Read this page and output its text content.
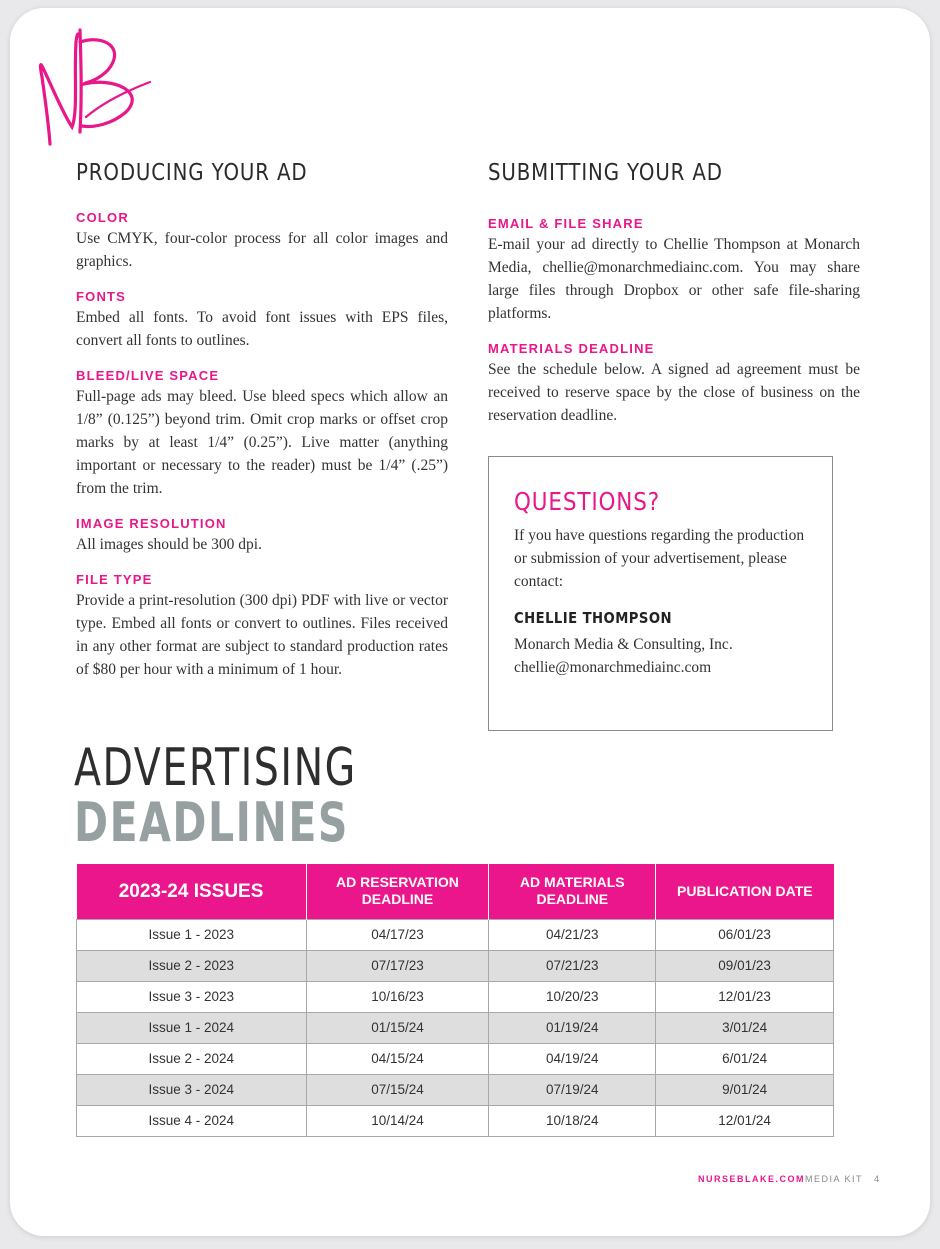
PRODUCING YOUR AD
COLOR
Use CMYK, four-color process for all color images and graphics.
FONTS
Embed all fonts. To avoid font issues with EPS files, convert all fonts to outlines.
BLEED/LIVE SPACE
Full-page ads may bleed. Use bleed specs which allow an 1/8” (0.125”) beyond trim. Omit crop marks or offset crop marks by at least 1/4” (0.25”). Live matter (anything important or necessary to the reader) must be 1/4” (.25”) from the trim.
IMAGE RESOLUTION
All images should be 300 dpi.
FILE TYPE
Provide a print-resolution (300 dpi) PDF with live or vector type. Embed all fonts or convert to outlines. Files received in any other format are subject to standard production rates of $80 per hour with a minimum of 1 hour.
SUBMITTING YOUR AD
EMAIL & FILE SHARE
E-mail your ad directly to Chellie Thompson at Monarch Media, chellie@monarchmediainc.com. You may share large files through Dropbox or other safe file-sharing platforms.
MATERIALS DEADLINE
See the schedule below. A signed ad agreement must be received to reserve space by the close of business on the reservation deadline.
QUESTIONS?
If you have questions regarding the production or submission of your advertisement, please contact:
CHELLIE THOMPSON
Monarch Media & Consulting, Inc.
chellie@monarchmediainc.com
ADVERTISING
DEADLINES
2023-24 ISSUES	AD RESERVATION DEADLINE	AD MATERIALS DEADLINE	PUBLICATION DATE
Issue 1 - 2023	04/17/23	04/21/23	06/01/23
Issue 2 - 2023	07/17/23	07/21/23	09/01/23
Issue 3 - 2023	10/16/23	10/20/23	12/01/23
Issue 1 - 2024	01/15/24	01/19/24	3/01/24
Issue 2 - 2024	04/15/24	04/19/24	6/01/24
Issue 3 - 2024	07/15/24	07/19/24	9/01/24
Issue 4 - 2024	10/14/24	10/18/24	12/01/24
NURSEBLAKE.COM MEDIA KIT 4
